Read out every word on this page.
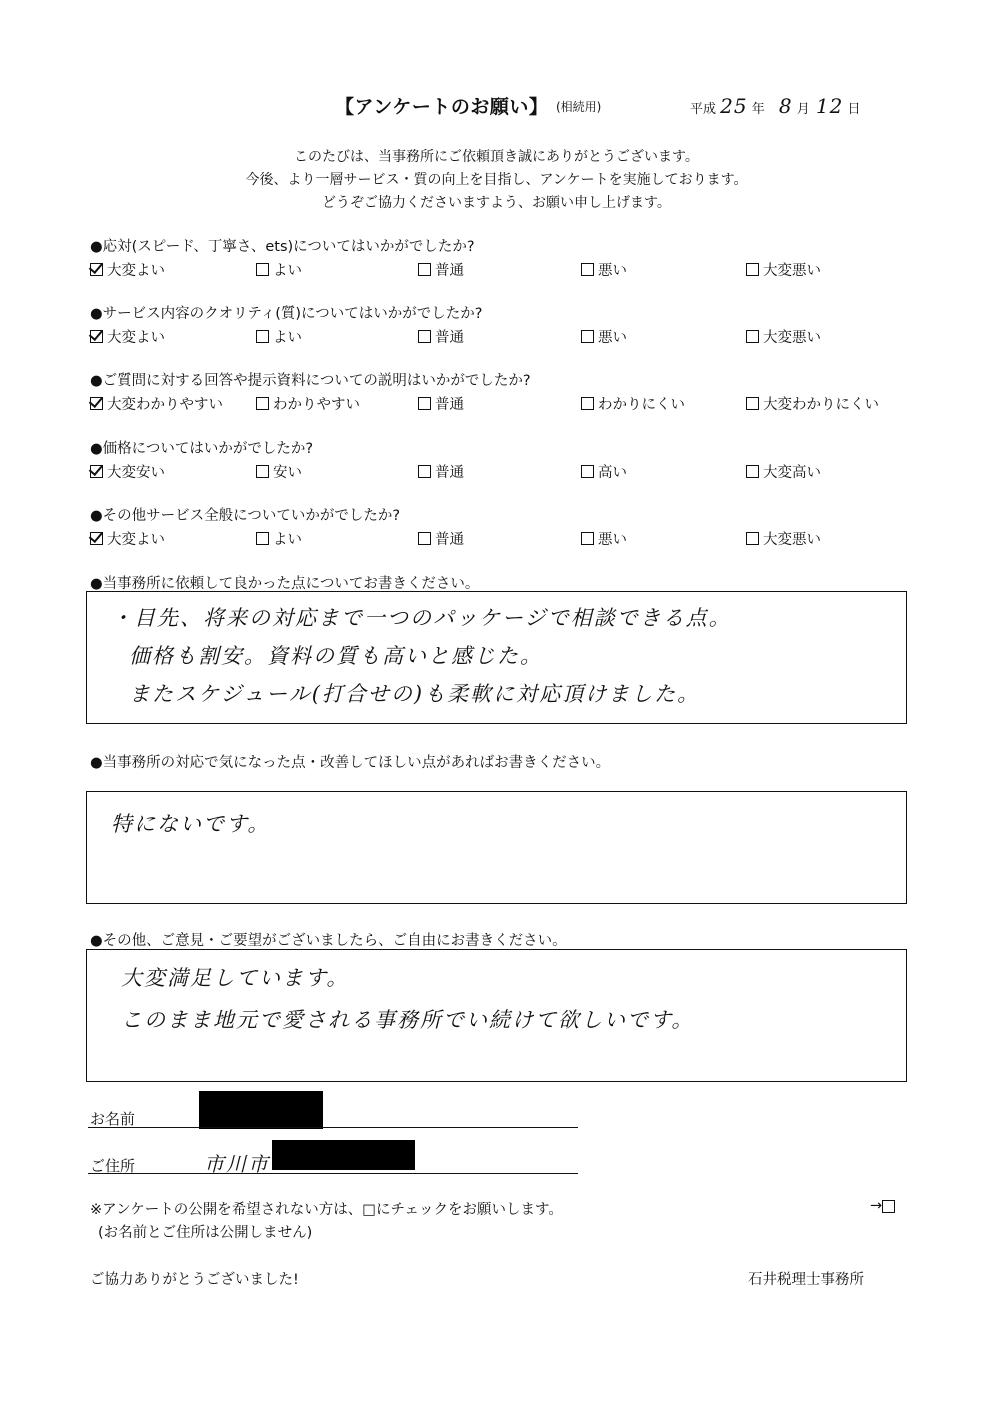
【アンケートのお願い】 (相続用)	平成 25 年 8 月 12 日
このたびは、当事務所にご依頼頂き誠にありがとうございます。
今後、より一層サービス・質の向上を目指し、アンケートを実施しております。
どうぞご協力くださいますよう、お願い申し上げます。
●応対(スピード、丁寧さ、ets)についてはいかがでしたか?
大変よい	よい	普通	悪い	大変悪い
●サービス内容のクオリティ(質)についてはいかがでしたか?
大変よい	よい	普通	悪い	大変悪い
●ご質問に対する回答や提示資料についての説明はいかがでしたか?
大変わかりやすい	わかりやすい	普通	わかりにくい	大変わかりにくい
●価格についてはいかがでしたか?
大変安い	安い	普通	高い	大変高い
●その他サービス全般についていかがでしたか?
大変よい	よい	普通	悪い	大変悪い
●当事務所に依頼して良かった点についてお書きください。
・目先、将来の対応まで一つのパッケージで相談できる点。
価格も割安。資料の質も高いと感じた。
またスケジュール(打合せの)も柔軟に対応頂けました。
●当事務所の対応で気になった点・改善してほしい点があればお書きください。
特にないです。
●その他、ご意見・ご要望がございましたら、ご自由にお書きください。
大変満足しています。
このまま地元で愛される事務所でい続けて欲しいです。
お名前
ご住所	市川市
※アンケートの公開を希望されない方は、□にチェックをお願いします。	→
(お名前とご住所は公開しません)
ご協力ありがとうございました!	石井税理士事務所
